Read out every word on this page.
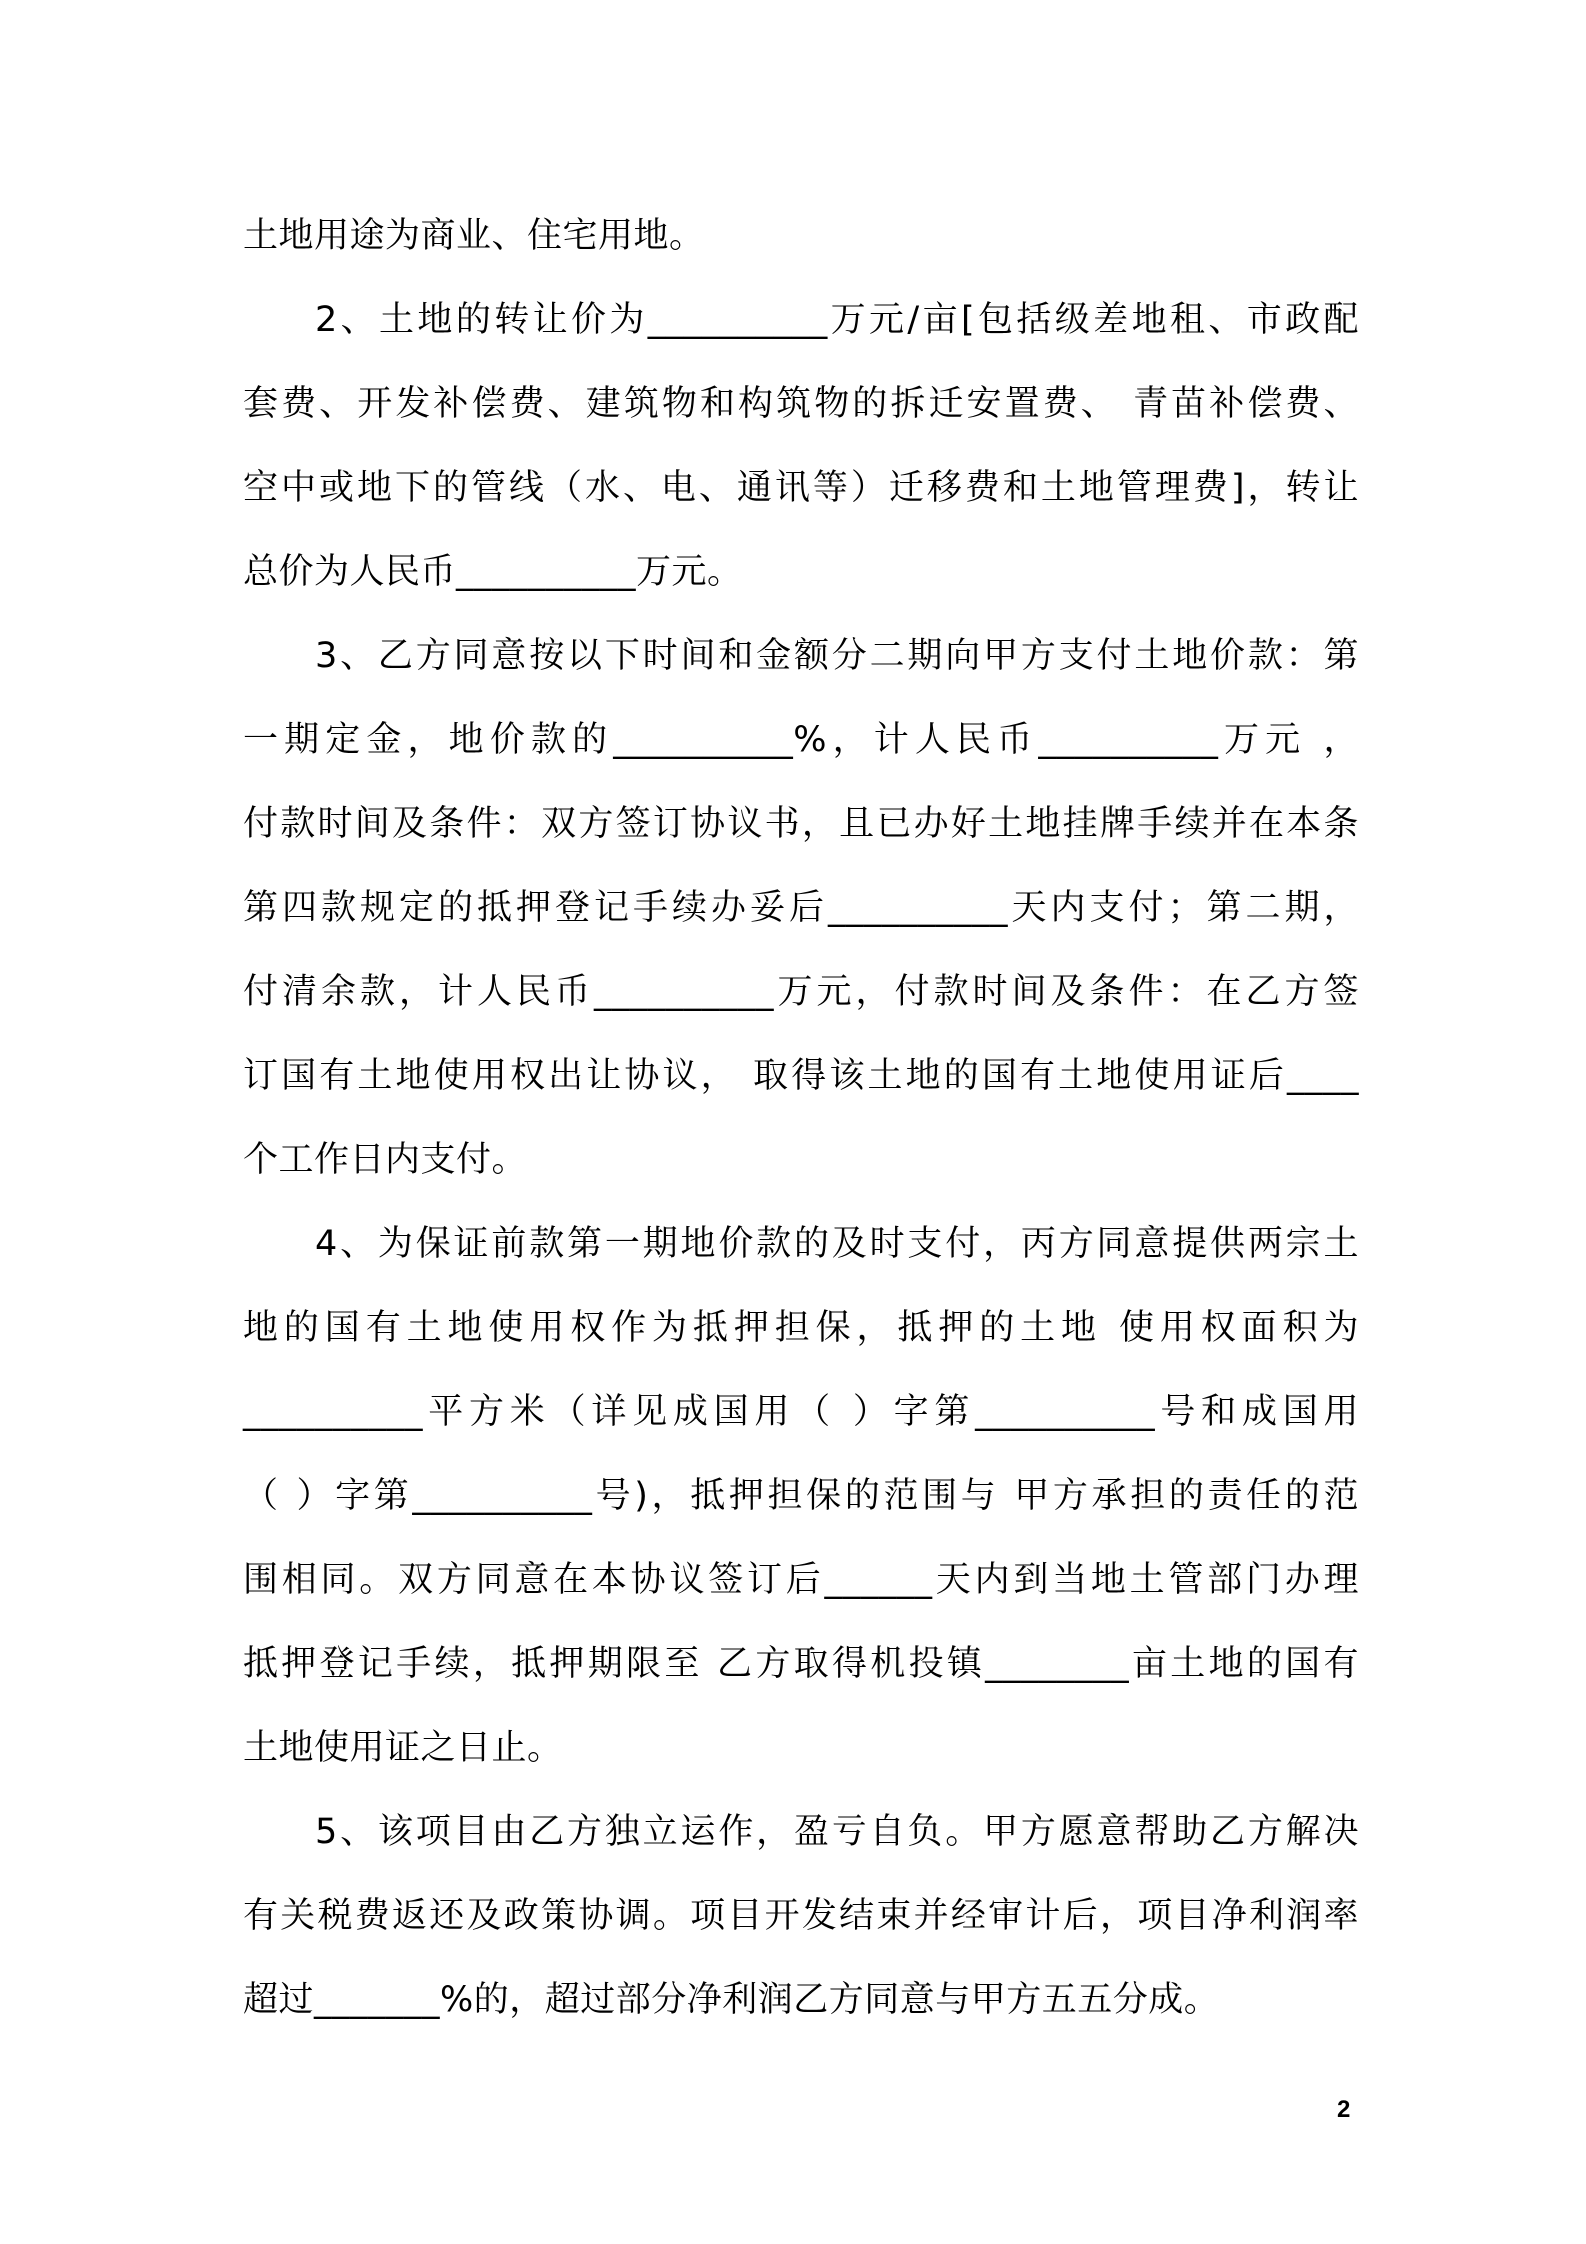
土地用途为商业、住宅用地。
2、土地的转让价为__________万元/亩[包括级差地租、市政配
套费、开发补偿费、建筑物和构筑物的拆迁安置费、 青苗补偿费、
空中或地下的管线（水、电、通讯等）迁移费和土地管理费]，转让
总价为人民币__________万元。
3、乙方同意按以下时间和金额分二期向甲方支付土地价款：第
一期定金，地价款的__________%，计人民币__________万元 ，
付款时间及条件：双方签订协议书，且已办好土地挂牌手续并在本条
第四款规定的抵押登记手续办妥后__________天内支付；第二期，
付清余款，计人民币__________万元，付款时间及条件：在乙方签
订国有土地使用权出让协议， 取得该土地的国有土地使用证后____
个工作日内支付。
4、为保证前款第一期地价款的及时支付，丙方同意提供两宗土
地的国有土地使用权作为抵押担保，抵押的土地 使用权面积为
__________平方米（详见成国用（ ）字第__________号和成国用
（ ）字第__________号)，抵押担保的范围与 甲方承担的责任的范
围相同。双方同意在本协议签订后______天内到当地土管部门办理
抵押登记手续，抵押期限至 乙方取得机投镇________亩土地的国有
土地使用证之日止。
5、该项目由乙方独立运作，盈亏自负。甲方愿意帮助乙方解决
有关税费返还及政策协调。项目开发结束并经审计后，项目净利润率
超过_______%的，超过部分净利润乙方同意与甲方五五分成。
2
